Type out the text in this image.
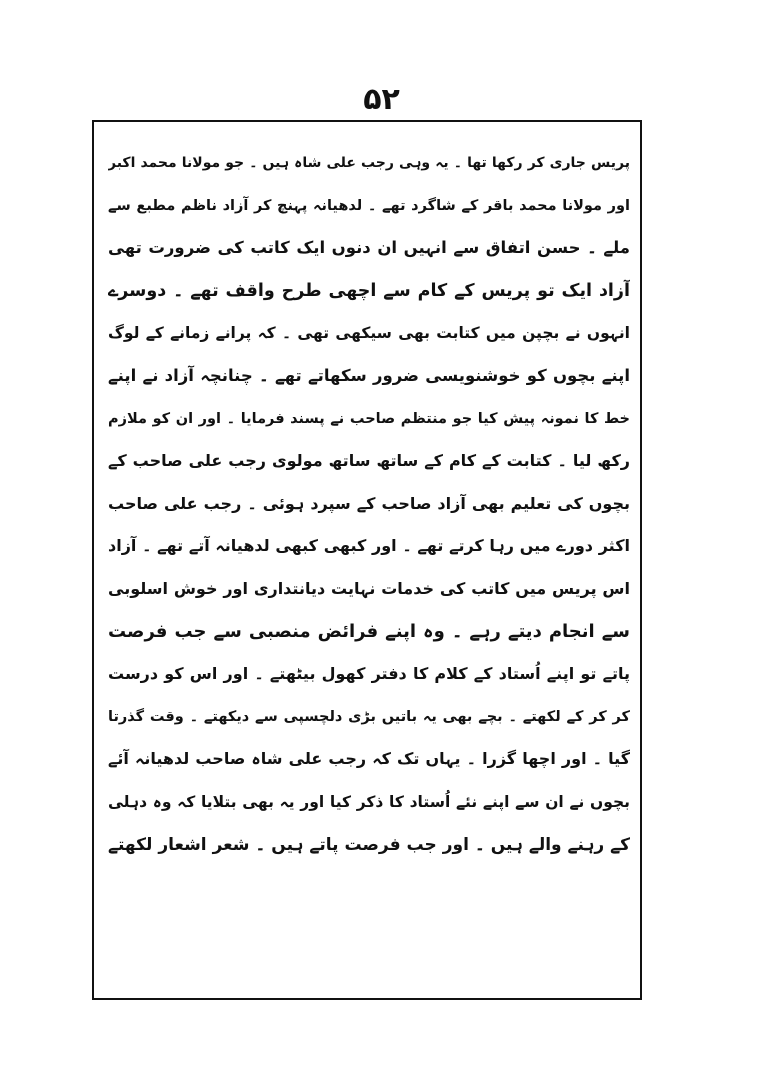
۵۲
پریس جاری کر رکھا تھا ۔ یہ وہی رجب علی شاہ ہیں ۔ جو مولانا محمد اکبر
اور مولانا محمد باقر کے شاگرد تھے ۔ لدھیانہ پہنچ کر آزاد ناظم مطبع سے
ملے ۔ حسن اتفاق سے انہیں ان دنوں ایک کاتب کی ضرورت تھی
آزاد ایک تو پریس کے کام سے اچھی طرح واقف تھے ۔ دوسرے
انہوں نے بچپن میں کتابت بھی سیکھی تھی ۔ کہ پرانے زمانے کے لوگ
اپنے بچوں کو خوشنویسی ضرور سکھاتے تھے ۔ چنانچہ آزاد نے اپنے
خط کا نمونہ پیش کیا جو منتظم صاحب نے پسند فرمایا ۔ اور ان کو ملازم
رکھ لیا ۔ کتابت کے کام کے ساتھ ساتھ مولوی رجب علی صاحب کے
بچوں کی تعلیم بھی آزاد صاحب کے سپرد ہوئی ۔ رجب علی صاحب
اکثر دورے میں رہا کرتے تھے ۔ اور کبھی کبھی لدھیانہ آتے تھے ۔ آزاد
اس پریس میں کاتب کی خدمات نہایت دیانتداری اور خوش اسلوبی
سے انجام دیتے رہے ۔ وہ اپنے فرائض منصبی سے جب فرصت
پاتے تو اپنے اُستاد کے کلام کا دفتر کھول بیٹھتے ۔ اور اس کو درست
کر کر کے لکھتے ۔ بچے بھی یہ باتیں بڑی دلچسپی سے دیکھتے ۔ وقت گذرتا
گیا ۔ اور اچھا گزرا ۔ یہاں تک کہ رجب علی شاہ صاحب لدھیانہ آئے
بچوں نے ان سے اپنے نئے اُستاد کا ذکر کیا اور یہ بھی بتلایا کہ وہ دہلی
کے رہنے والے ہیں ۔ اور جب فرصت پاتے ہیں ۔ شعر اشعار لکھتے
